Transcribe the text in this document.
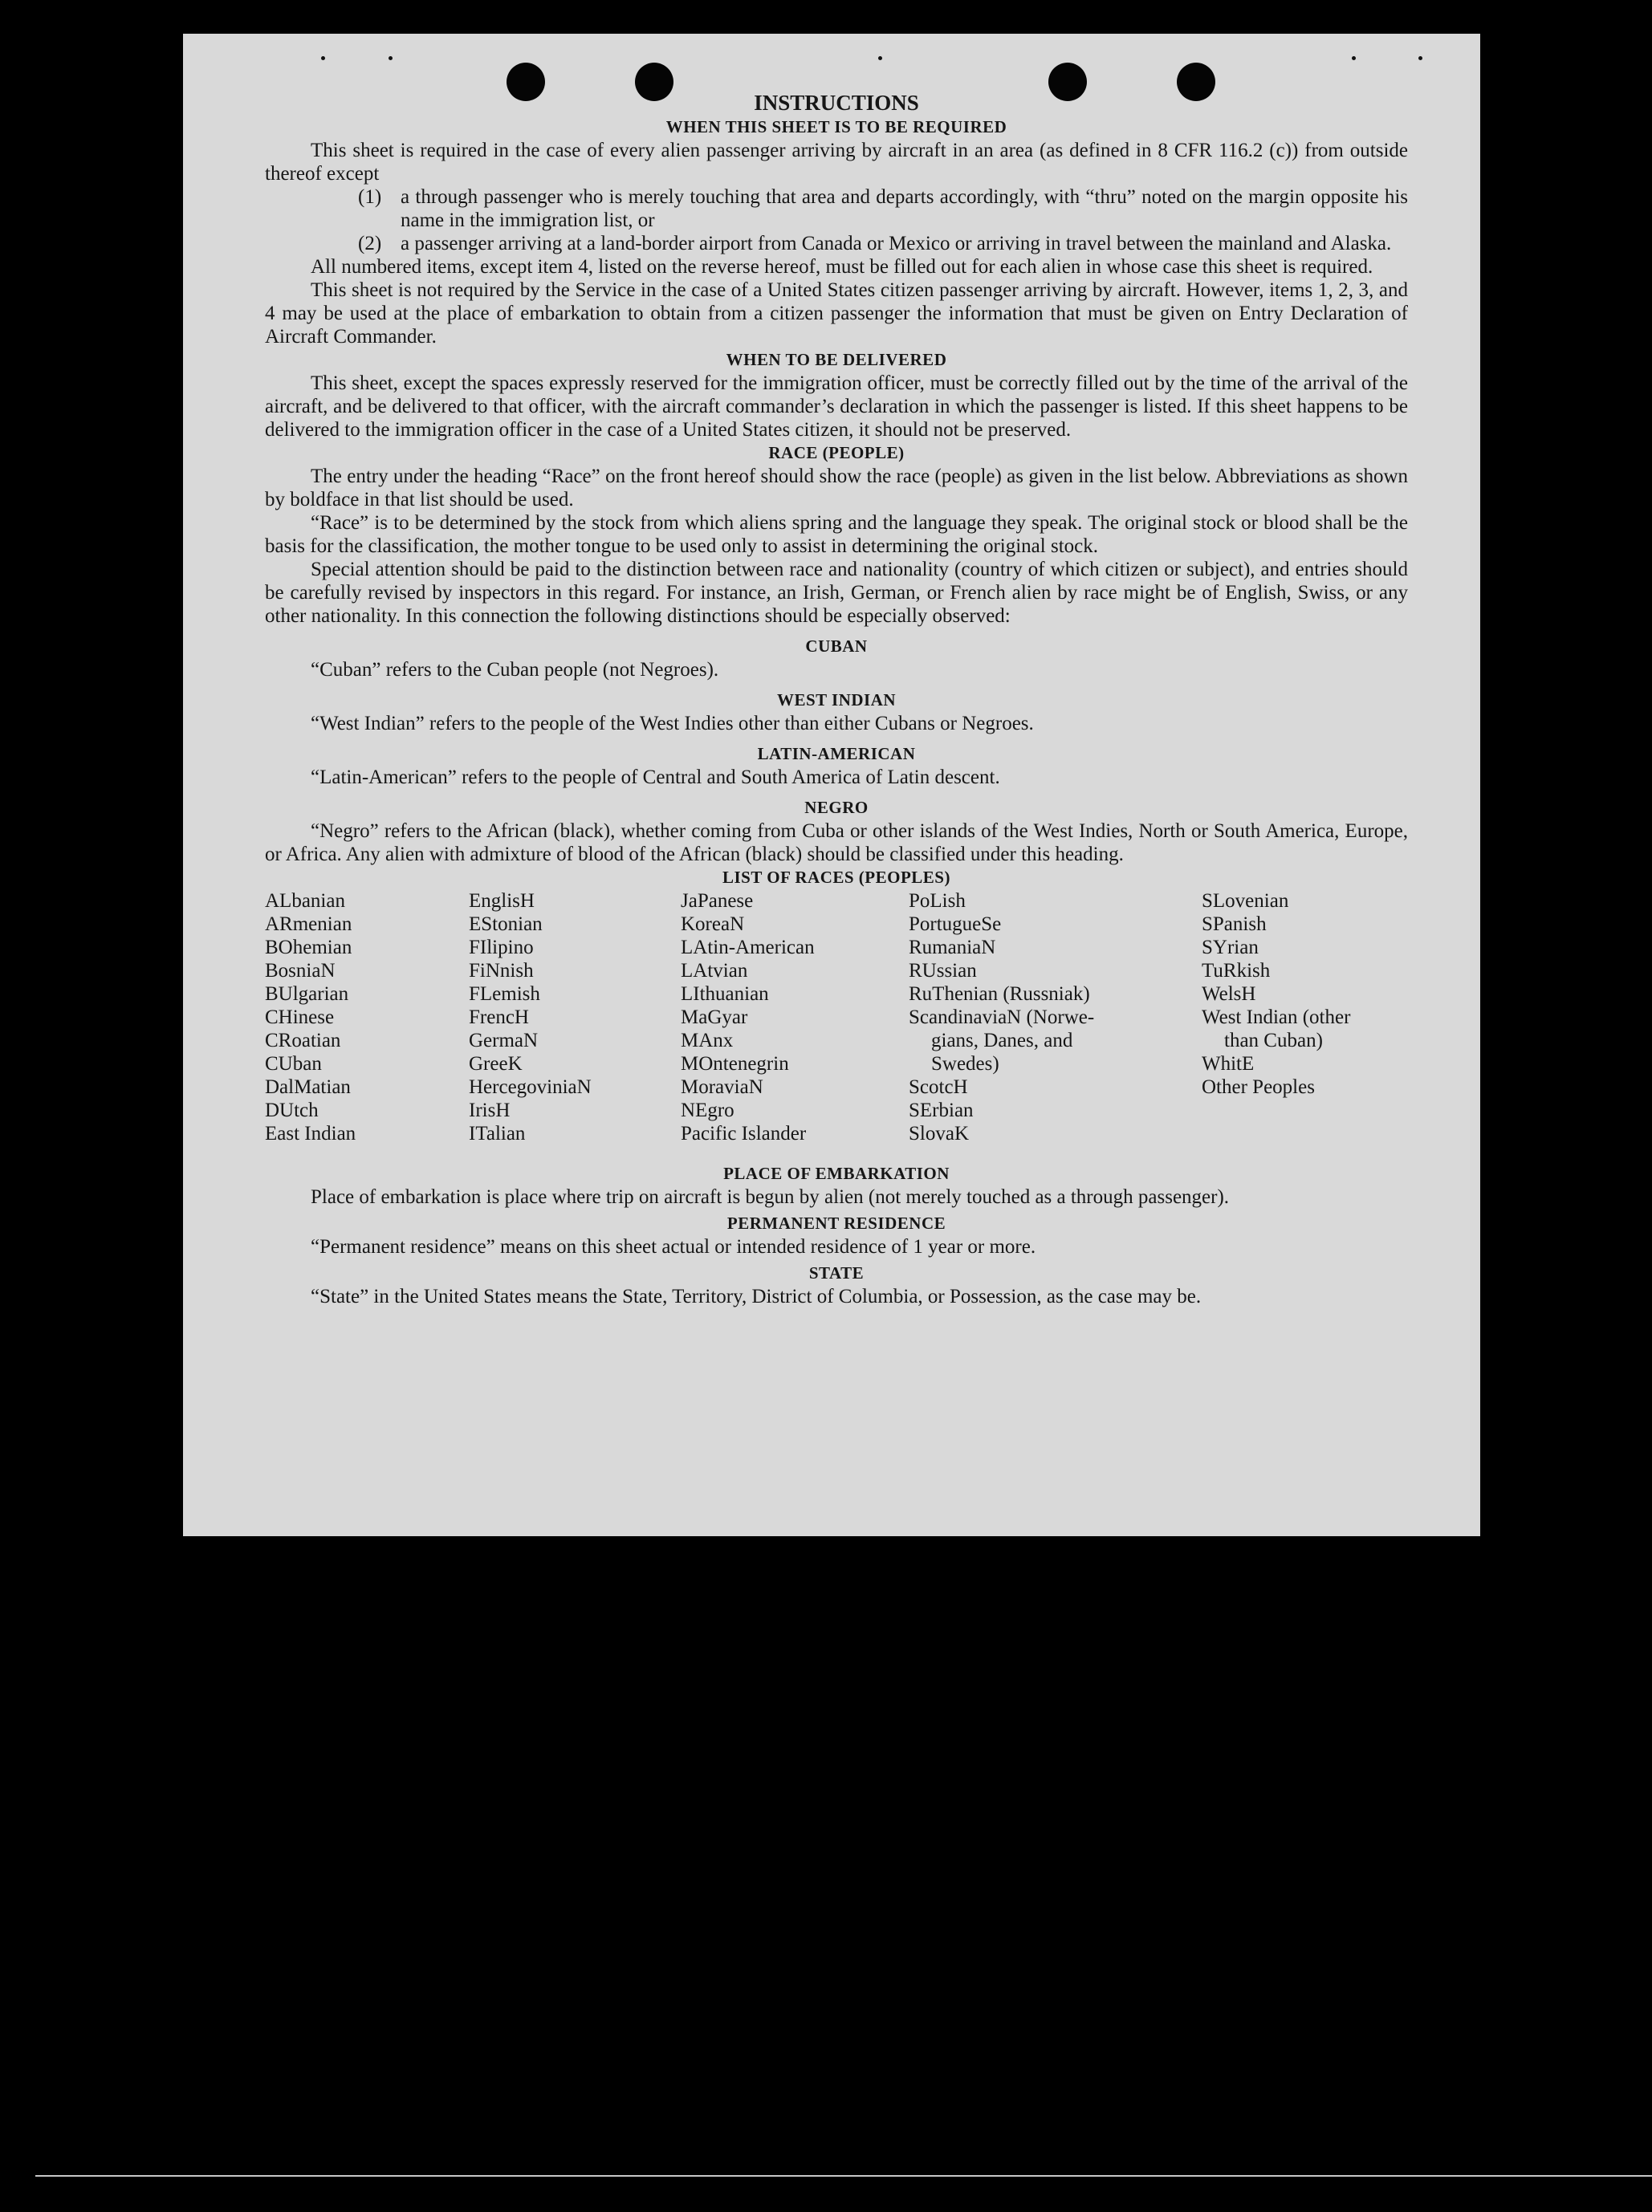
INSTRUCTIONS

WHEN THIS SHEET IS TO BE REQUIRED

This sheet is required in the case of every alien passenger arriving by aircraft in an area (as defined in 8 CFR 116.2 (c)) from outside thereof except

(1) a through passenger who is merely touching that area and departs accordingly, with “thru” noted on the margin opposite his name in the immigration list, or
(2) a passenger arriving at a land-border airport from Canada or Mexico or arriving in travel between the mainland and Alaska.

All numbered items, except item 4, listed on the reverse hereof, must be filled out for each alien in whose case this sheet is required.

This sheet is not required by the Service in the case of a United States citizen passenger arriving by aircraft. However, items 1, 2, 3, and 4 may be used at the place of embarkation to obtain from a citizen passenger the information that must be given on Entry Declaration of Aircraft Commander.

WHEN TO BE DELIVERED

This sheet, except the spaces expressly reserved for the immigration officer, must be correctly filled out by the time of the arrival of the aircraft, and be delivered to that officer, with the aircraft commander’s declaration in which the passenger is listed. If this sheet happens to be delivered to the immigration officer in the case of a United States citizen, it should not be preserved.

RACE (PEOPLE)

The entry under the heading “Race” on the front hereof should show the race (people) as given in the list below. Abbreviations as shown by boldface in that list should be used.

“Race” is to be determined by the stock from which aliens spring and the language they speak. The original stock or blood shall be the basis for the classification, the mother tongue to be used only to assist in determining the original stock.

Special attention should be paid to the distinction between race and nationality (country of which citizen or subject), and entries should be carefully revised by inspectors in this regard. For instance, an Irish, German, or French alien by race might be of English, Swiss, or any other nationality. In this connection the following distinctions should be especially observed:

CUBAN

“Cuban” refers to the Cuban people (not Negroes).

WEST INDIAN

“West Indian” refers to the people of the West Indies other than either Cubans or Negroes.

LATIN-AMERICAN

“Latin-American” refers to the people of Central and South America of Latin descent.

NEGRO

“Negro” refers to the African (black), whether coming from Cuba or other islands of the West Indies, North or South America, Europe, or Africa. Any alien with admixture of blood of the African (black) should be classified under this heading.

LIST OF RACES (PEOPLES)

ALbanian
ARmenian
BOhemian
BosniaN
BUlgarian
CHinese
CRoatian
CUban
DalMatian
DUtch
East Indian
EnglisH
EStonian
FIlipino
FiNnish
FLemish
FrencH
GermaN
GreeK
HercegoviniaN
IrisH
ITalian
JaPanese
KoreaN
LAtin-American
LAtvian
LIthuanian
MaGyar
MAnx
MOntenegrin
MoraviaN
NEgro
Pacific Islander
PoLish
PortugueSe
RumaniaN
RUssian
RuThenian (Russniak)
ScandinaviaN (Norwe-
gians, Danes, and
Swedes)
ScotcH
SErbian
SlovaK
SLovenian
SPanish
SYrian
TuRkish
WelsH
West Indian (other
than Cuban)
WhitE
Other Peoples

PLACE OF EMBARKATION

Place of embarkation is place where trip on aircraft is begun by alien (not merely touched as a through passenger).

PERMANENT RESIDENCE

“Permanent residence” means on this sheet actual or intended residence of 1 year or more.

STATE

“State” in the United States means the State, Territory, District of Columbia, or Possession, as the case may be.
